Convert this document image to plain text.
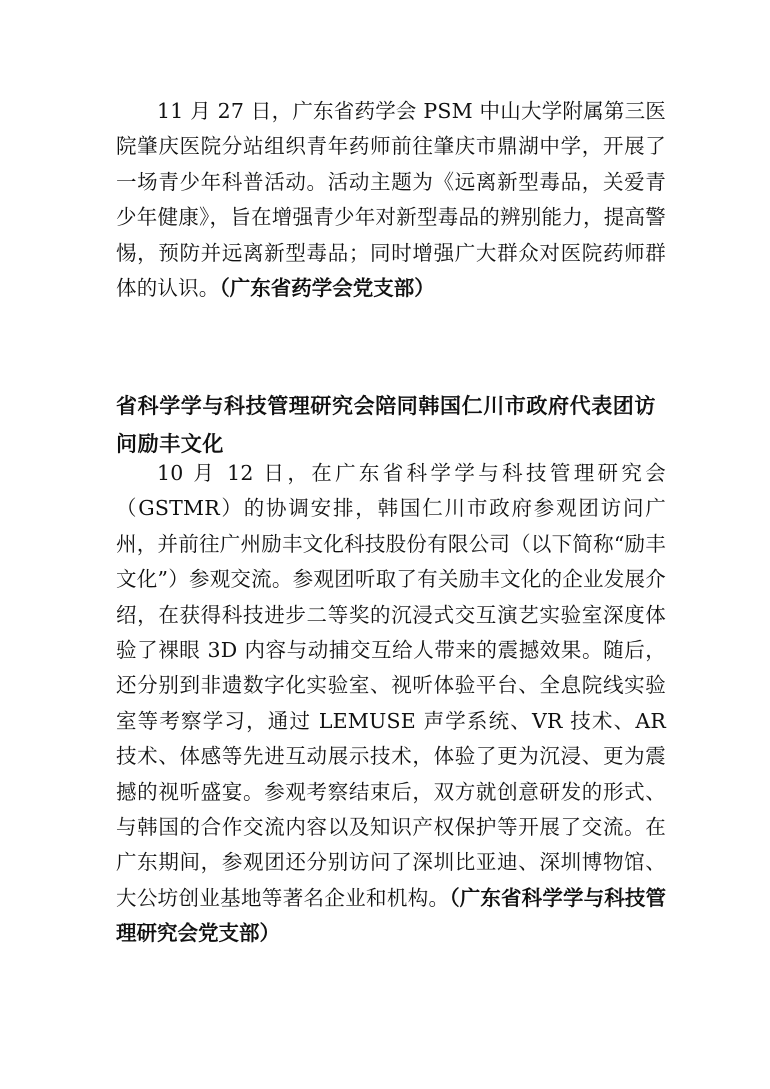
11 月 27 日，广东省药学会 PSM 中山大学附属第三医院肇庆医院分站组织青年药师前往肇庆市鼎湖中学，开展了一场青少年科普活动。活动主题为《远离新型毒品，关爱青少年健康》，旨在增强青少年对新型毒品的辨别能力，提高警惕，预防并远离新型毒品；同时增强广大群众对医院药师群体的认识。（广东省药学会党支部）

省科学学与科技管理研究会陪同韩国仁川市政府代表团访问励丰文化

10 月 12 日，在广东省科学学与科技管理研究会（GSTMR）的协调安排，韩国仁川市政府参观团访问广州，并前往广州励丰文化科技股份有限公司（以下简称“励丰文化”）参观交流。参观团听取了有关励丰文化的企业发展介绍，在获得科技进步二等奖的沉浸式交互演艺实验室深度体验了裸眼 3D 内容与动捕交互给人带来的震撼效果。随后，还分别到非遗数字化实验室、视听体验平台、全息院线实验室等考察学习，通过 LEMUSE 声学系统、VR 技术、AR 技术、体感等先进互动展示技术，体验了更为沉浸、更为震撼的视听盛宴。参观考察结束后，双方就创意研发的形式、与韩国的合作交流内容以及知识产权保护等开展了交流。在广东期间，参观团还分别访问了深圳比亚迪、深圳博物馆、大公坊创业基地等著名企业和机构。（广东省科学学与科技管理研究会党支部）
